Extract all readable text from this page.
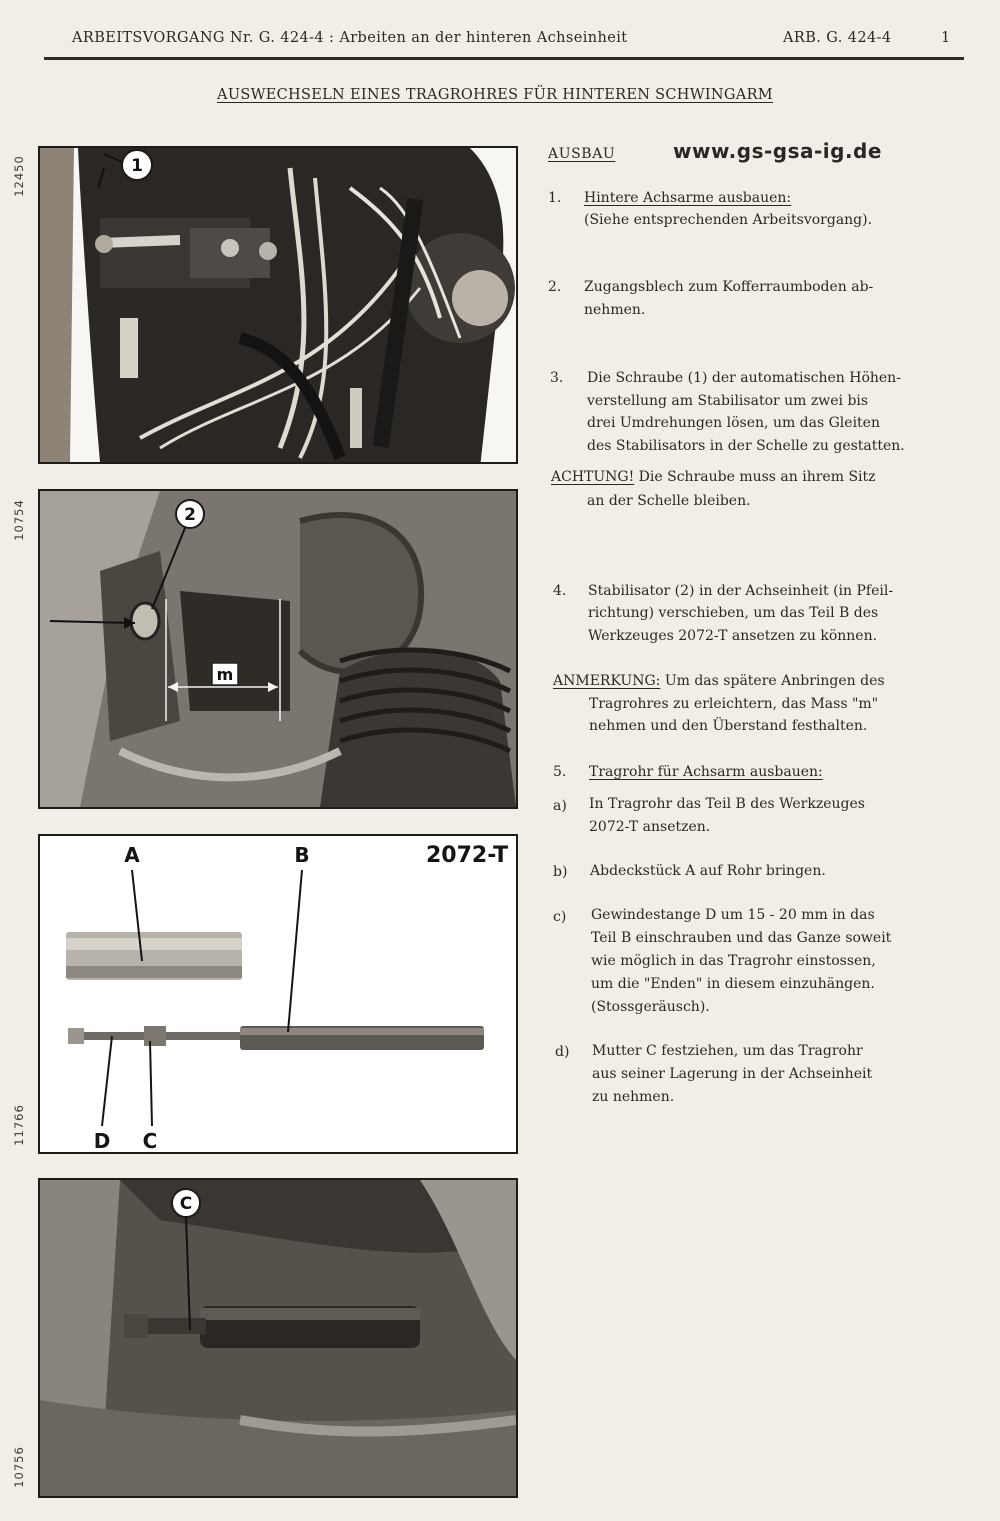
ARBEITSVORGANG Nr. G. 424-4 : Arbeiten an der hinteren Achseinheit	ARB. G. 424-4	1
AUSWECHSELN EINES TRAGROHRES FÜR HINTEREN SCHWINGARM
12450
10754
11766
10756
1
m
2
2072-T
A	B
D C
C
AUSBAU	www.gs-gsa-ig.de
1. Hintere Achsarme ausbauen:
(Siehe entsprechenden Arbeitsvorgang).
2. Zugangsblech zum Kofferraumboden ab-
nehmen.
3. Die Schraube (1) der automatischen Höhen-
verstellung am Stabilisator um zwei bis
drei Umdrehungen lösen, um das Gleiten
des Stabilisators in der Schelle zu gestatten.
ACHTUNG! Die Schraube muss an ihrem Sitz
an der Schelle bleiben.
4. Stabilisator (2) in der Achseinheit (in Pfeil-
richtung) verschieben, um das Teil B des
Werkzeuges 2072-T ansetzen zu können.
ANMERKUNG: Um das spätere Anbringen des
Tragrohres zu erleichtern, das Mass "m"
nehmen und den Überstand festhalten.
5. Tragrohr für Achsarm ausbauen:
a) In Tragrohr das Teil B des Werkzeuges
2072-T ansetzen.
b) Abdeckstück A auf Rohr bringen.
c) Gewindestange D um 15 - 20 mm in das
Teil B einschrauben und das Ganze soweit
wie möglich in das Tragrohr einstossen,
um die "Enden" in diesem einzuhängen.
(Stossgeräusch).
d) Mutter C festziehen, um das Tragrohr
aus seiner Lagerung in der Achseinheit
zu nehmen.
